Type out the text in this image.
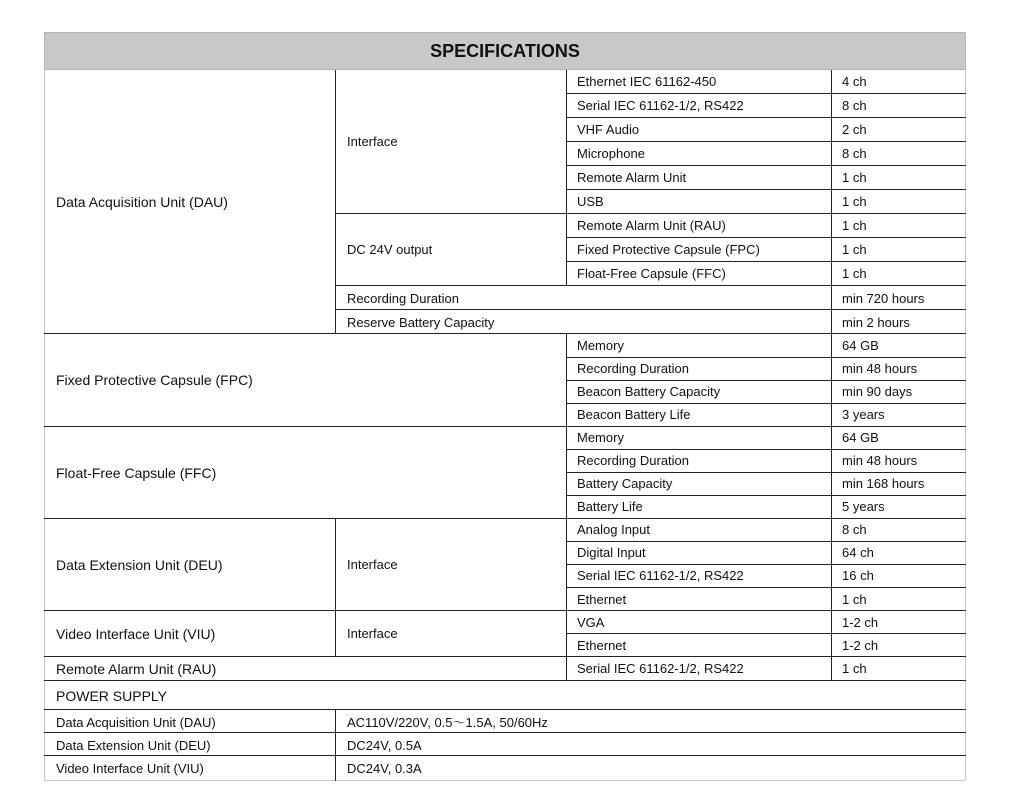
SPECIFICATIONS
Data Acquisition Unit (DAU)
Interface
Ethernet IEC 61162-450	4 ch
Serial IEC 61162-1/2, RS422	8 ch
VHF Audio	2 ch
Microphone	8 ch
Remote Alarm Unit	1 ch
USB	1 ch
DC 24V output
Remote Alarm Unit (RAU)	1 ch
Fixed Protective Capsule (FPC)	1 ch
Float-Free Capsule (FFC)	1 ch
Recording Duration	min 720 hours
Reserve Battery Capacity	min 2 hours
Fixed Protective Capsule (FPC)
Memory	64 GB
Recording Duration	min 48 hours
Beacon Battery Capacity	min 90 days
Beacon Battery Life	3 years
Float-Free Capsule (FFC)
Memory	64 GB
Recording Duration	min 48 hours
Battery Capacity	min 168 hours
Battery Life	5 years
Data Extension Unit (DEU)	Interface
Analog Input	8 ch
Digital Input	64 ch
Serial IEC 61162-1/2, RS422	16 ch
Ethernet	1 ch
Video Interface Unit (VIU)	Interface
VGA	1-2 ch
Ethernet	1-2 ch
Remote Alarm Unit (RAU)	Serial IEC 61162-1/2, RS422	1 ch
POWER SUPPLY
Data Acquisition Unit (DAU)	AC110V/220V, 0.5～1.5A, 50/60Hz
Data Extension Unit (DEU)	DC24V, 0.5A
Video Interface Unit (VIU)	DC24V, 0.3A
